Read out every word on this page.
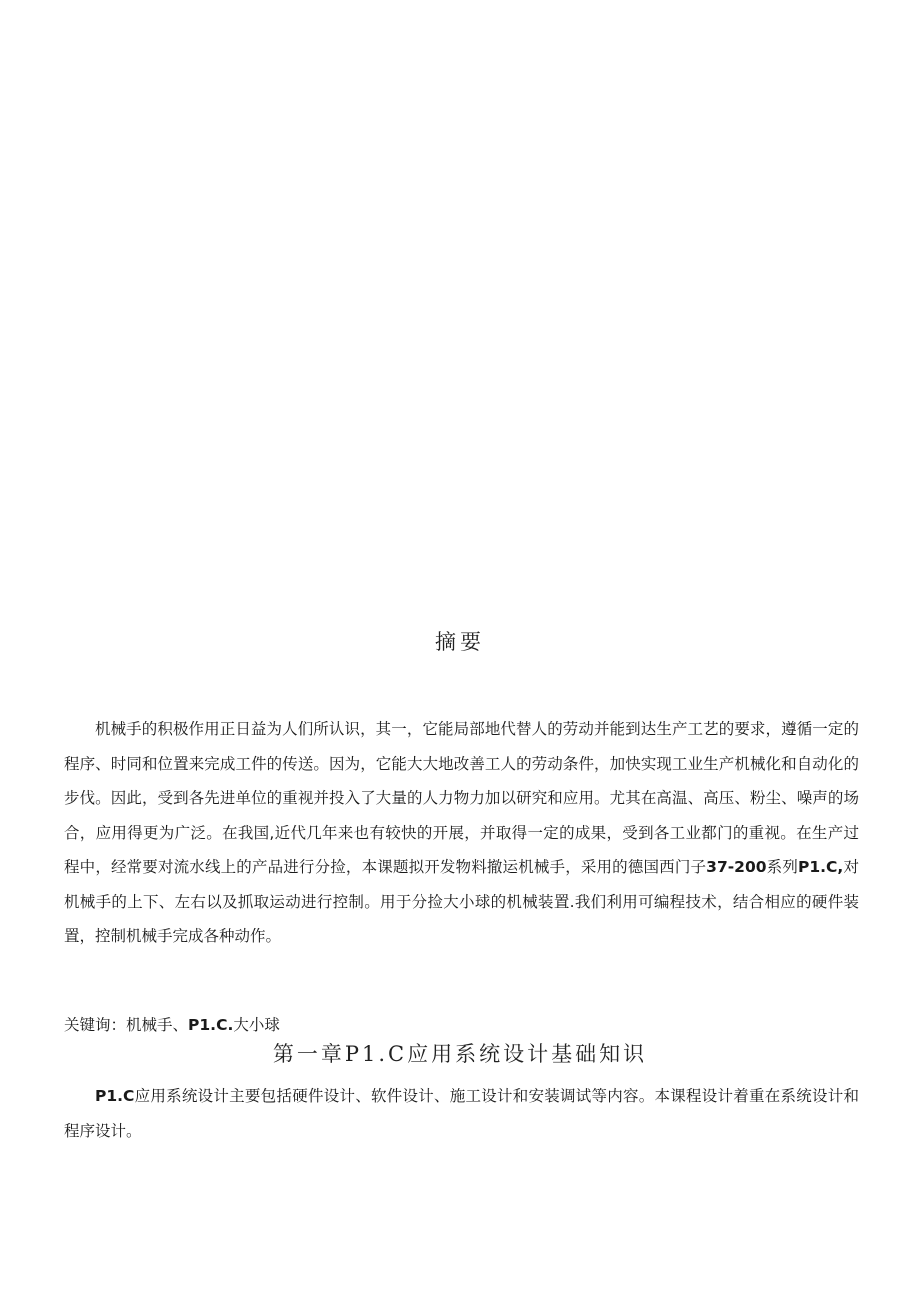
摘要
机械手的积极作用正日益为人们所认识，其一，它能局部地代替人的劳动并能到达生产工艺的要求，遵循一定的程序、时同和位置来完成工件的传送。因为，它能大大地改善工人的劳动条件，加快实现工业生产机械化和自动化的步伐。因此，受到各先进单位的重视并投入了大量的人力物力加以研究和应用。尤其在高温、高压、粉尘、噪声的场合，应用得更为广泛。在我国,近代几年来也有较快的开展，并取得一定的成果，受到各工业都门的重视。在生产过程中，经常要对流水线上的产品进行分捡，本课题拟开发物料撤运机械手，采用的德国西门子37-200系列P1.C,对机械手的上下、左右以及抓取运动进行控制。用于分捡大小球的机械装置.我们利用可编程技术，结合相应的硬件装置，控制机械手完成各种动作。
关键询：机械手、P1.C.大小球
第一章P1.C应用系统设计基础知识
P1.C应用系统设计主要包括硬件设计、软件设计、施工设计和安装调试等内容。本课程设计着重在系统设计和程序设计。
